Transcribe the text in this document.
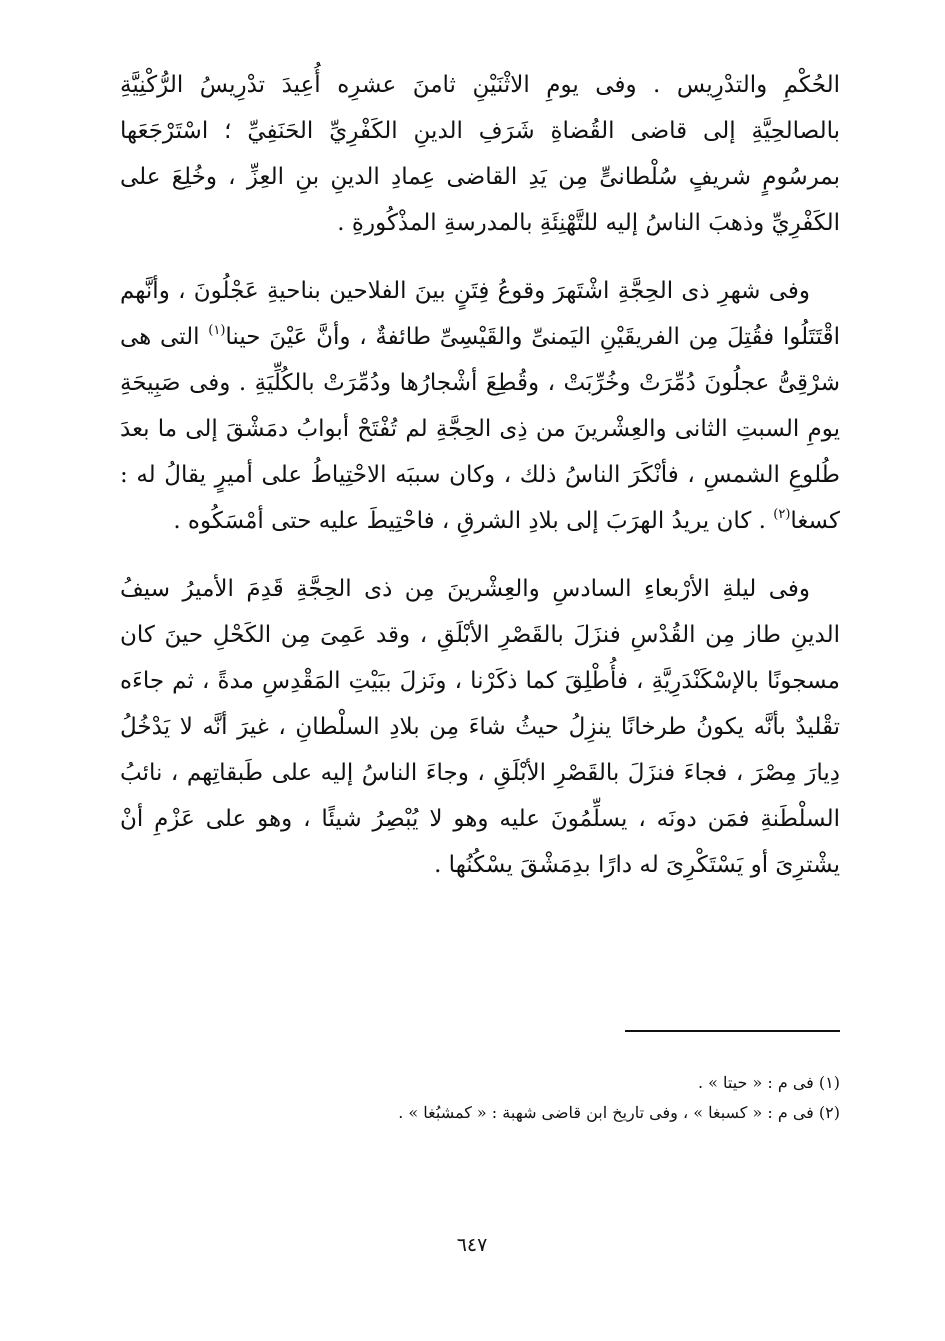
الحُكْمِ والتدْرِيس . وفى يومِ الاثْنَيْنِ ثامنَ عشرِه أُعِيدَ تدْرِيسُ الرُّكْنِيَّةِ بالصالحِيَّةِ إلى قاضى القُضاةِ شَرَفِ الدينِ الكَفْرِيِّ الحَنَفِيِّ ؛ اسْتَرْجَعَها بمرسُومٍ شريفٍ سُلْطانىٍّ مِن يَدِ القاضى عِمادِ الدينِ بنِ العِزِّ ، وخُلِعَ على الكَفْرِيِّ وذهبَ الناسُ إليه للتَّهْنِئَةِ بالمدرسةِ المذْكُورةِ .

وفى شهرِ ذى الحِجَّةِ اشْتَهرَ وقوعُ فِتَنٍ بينَ الفلاحين بناحيةِ عَجْلُونَ ، وأنَّهم اقْتَتَلُوا فقُتِلَ مِن الفريقَيْنِ اليَمنىِّ والقَيْسِىِّ طائفةٌ ، وأنَّ عَيْنَ حينا$^{(١)}$ التى هى شرْقِىُّ عجلُونَ دُمِّرَتْ وخُرِّبَتْ ، وقُطِعَ أشْجارُها ودُمِّرَتْ بالكُلِّيَةِ . وفى صَبِيحَةِ يومِ السبتِ الثانى والعِشْرينَ من ذِى الحِجَّةِ لم تُفْتَحْ أبوابُ دمَشْقَ إلى ما بعدَ طُلوعِ الشمسِ ، فأنْكَرَ الناسُ ذلك ، وكان سببَه الاحْتِياطُ على أميرٍ يقالُ له : كسغا$^{(٢)}$ . كان يريدُ الهرَبَ إلى بلادِ الشرقِ ، فاحْتِيطَ عليه حتى أمْسَكُوه .

وفى ليلةِ الأرْبعاءِ السادسِ والعِشْرينَ مِن ذى الحِجَّةِ قَدِمَ الأميرُ سيفُ الدينِ طاز مِن القُدْسِ فنزَلَ بالقَصْرِ الأبْلَقِ ، وقد عَمِىَ مِن الكَحْلِ حينَ كان مسجونًا بالإسْكَنْدَرِيَّةِ ، فأُطْلِقَ كما ذكَرْنا ، ونَزلَ ببَيْتِ المَقْدِسِ مدةً ، ثم جاءَه تقْليدٌ بأنَّه يكونُ طرخانًا ينزِلُ حيثُ شاءَ مِن بلادِ السلْطانِ ، غيرَ أنَّه لا يَدْخُلُ دِيارَ مِصْرَ ، فجاءَ فنزَلَ بالقَصْرِ الأبْلَقِ ، وجاءَ الناسُ إليه على طَبقاتِهم ، نائبُ السلْطَنةِ فمَن دونَه ، يسلِّمُونَ عليه وهو لا يُبْصِرُ شيئًا ، وهو على عَزْمِ أنْ يشْترِىَ أو يَسْتَكْرِىَ له دارًا بدِمَشْقَ يسْكُنُها .

(١) فى م : « حيتا » .

(٢) فى م : « كسبغا » ، وفى تاريخ ابن قاضى شهبة : « كمشبُغا » .

٦٤٧
